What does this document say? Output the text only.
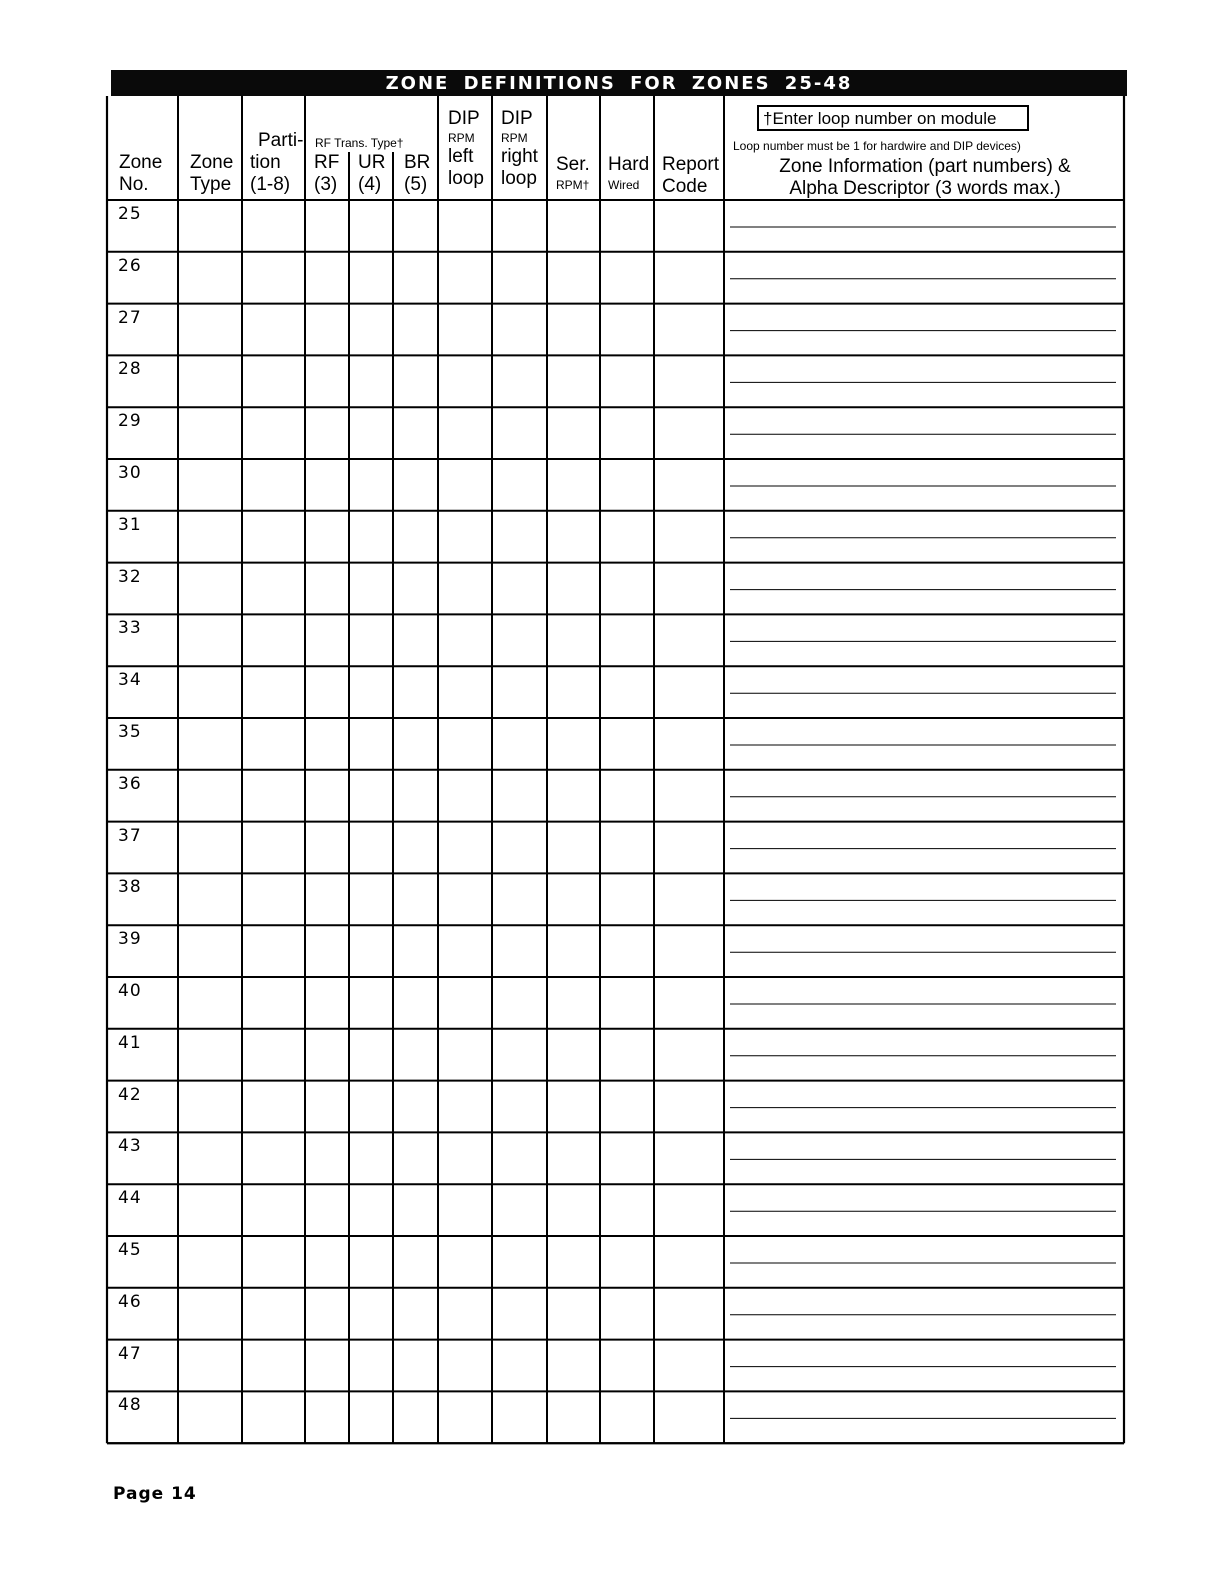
ZONE DEFINITIONS FOR ZONES 25-48
Zone
No.
Zone
Type
Parti-
tion
(1-8)
RF Trans. Type†
RF
(3)
UR
(4)
BR
(5)
DIP
RPM
left
loop
DIP
RPM
right
loop
Ser.
RPM†
Hard
Wired
Report
Code
†Enter loop number on module
Loop number must be 1 for hardwire and DIP devices)
Zone Information (part numbers) &
Alpha Descriptor (3 words max.)
25
26
27
28
29
30
31
32
33
34
35
36
37
38
39
40
41
42
43
44
45
46
47
48
Page 14
